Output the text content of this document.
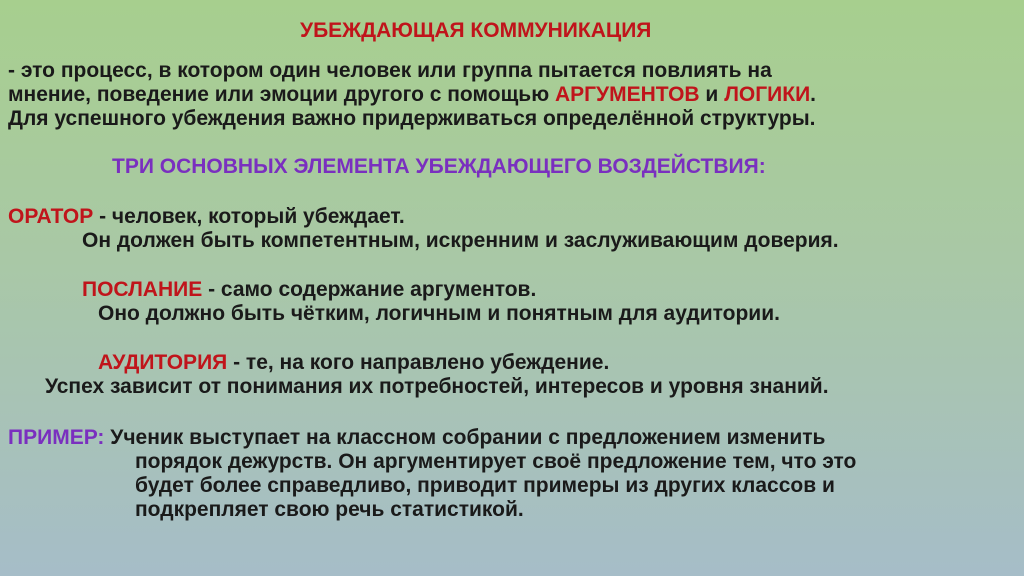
УБЕЖДАЮЩАЯ КОММУНИКАЦИЯ
- это процесс, в котором один человек или группа пытается повлиять на
мнение, поведение или эмоции другого с помощью АРГУМЕНТОВ и ЛОГИКИ.
Для успешного убеждения важно придерживаться определённой структуры.
ТРИ ОСНОВНЫХ ЭЛЕМЕНТА УБЕЖДАЮЩЕГО ВОЗДЕЙСТВИЯ:
ОРАТОР - человек, который убеждает.
Он должен быть компетентным, искренним и заслуживающим доверия.
ПОСЛАНИЕ - само содержание аргументов.
Оно должно быть чётким, логичным и понятным для аудитории.
АУДИТОРИЯ - те, на кого направлено убеждение.
Успех зависит от понимания их потребностей, интересов и уровня знаний.
ПРИМЕР: Ученик выступает на классном собрании с предложением изменить
порядок дежурств. Он аргументирует своё предложение тем, что это
будет более справедливо, приводит примеры из других классов и
подкрепляет свою речь статистикой.
